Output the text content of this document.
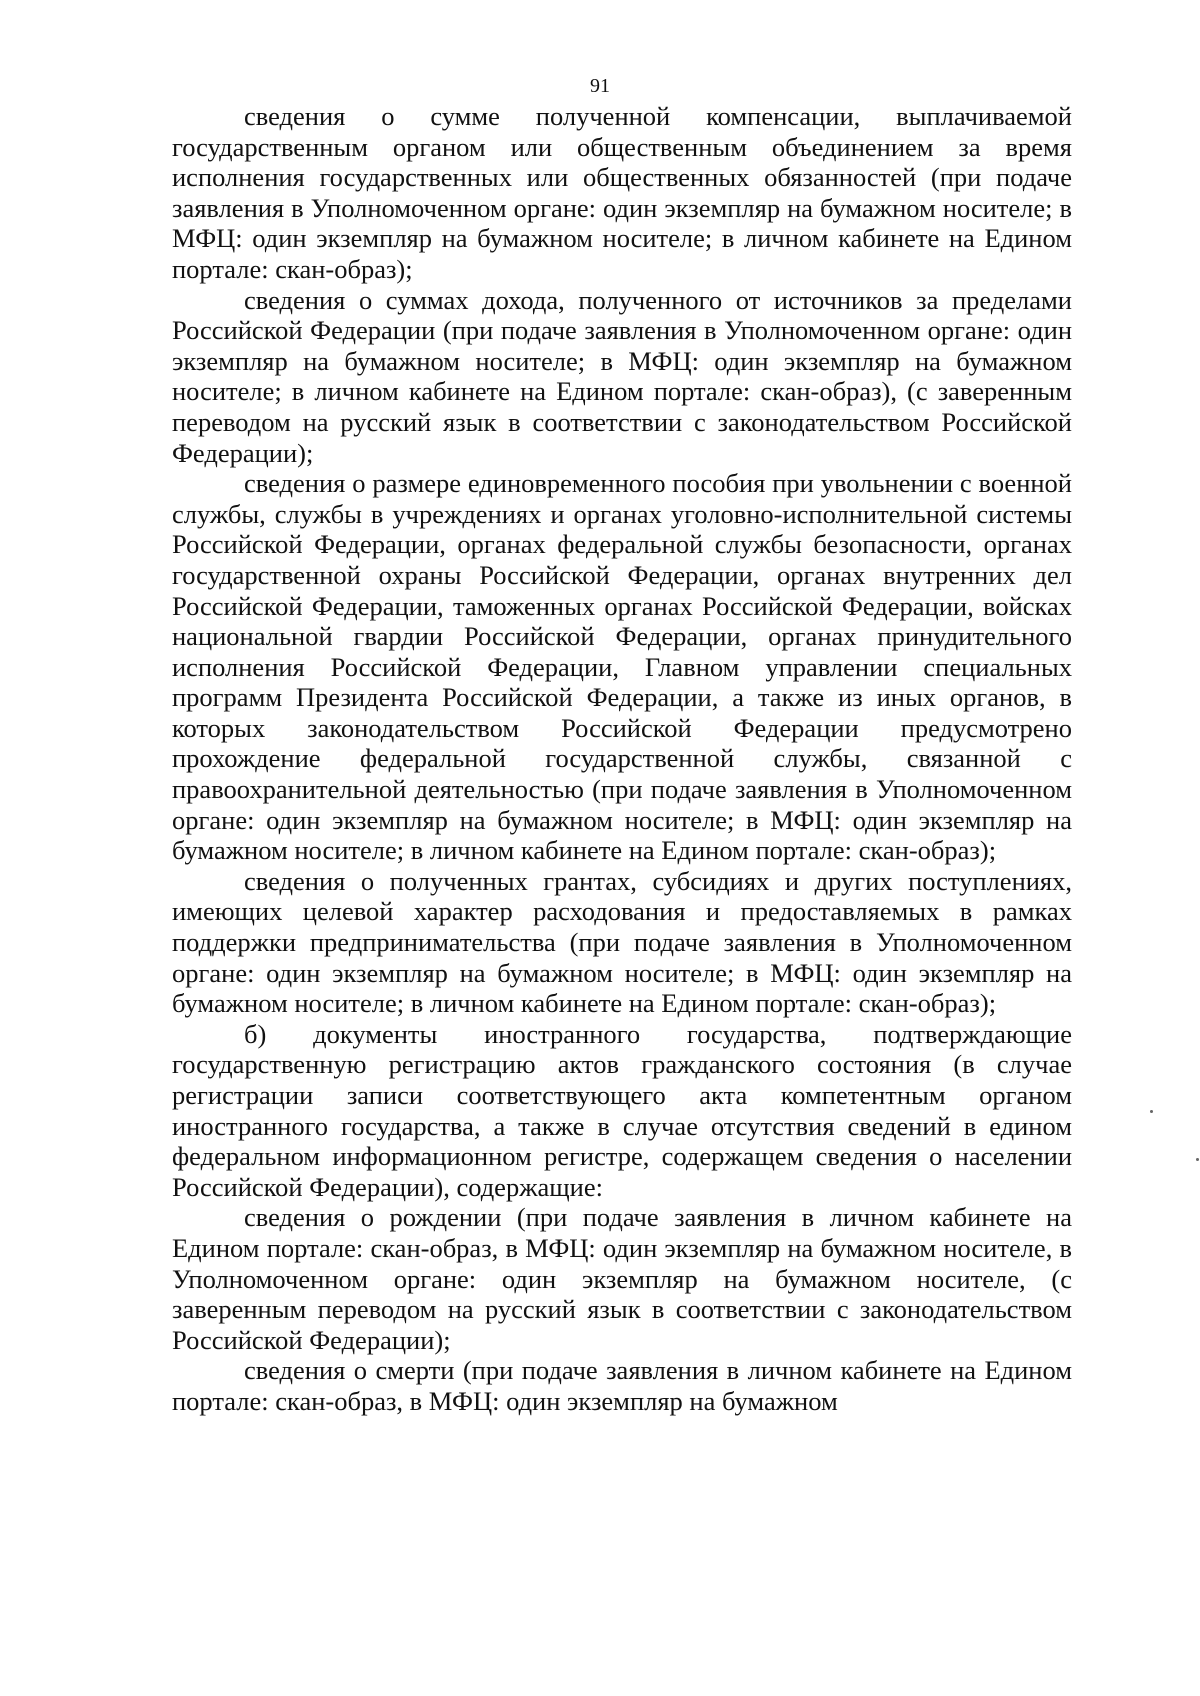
91

сведения о сумме полученной компенсации, выплачиваемой государственным органом или общественным объединением за время исполнения государственных или общественных обязанностей (при подаче заявления в Уполномоченном органе: один экземпляр на бумажном носителе; в МФЦ: один экземпляр на бумажном носителе; в личном кабинете на Едином портале: скан-образ);

сведения о суммах дохода, полученного от источников за пределами Российской Федерации (при подаче заявления в Уполномоченном органе: один экземпляр на бумажном носителе; в МФЦ: один экземпляр на бумажном носителе; в личном кабинете на Едином портале: скан-образ), (с заверенным переводом на русский язык в соответствии с законодательством Российской Федерации);

сведения о размере единовременного пособия при увольнении с военной службы, службы в учреждениях и органах уголовно-исполнительной системы Российской Федерации, органах федеральной службы безопасности, органах государственной охраны Российской Федерации, органах внутренних дел Российской Федерации, таможенных органах Российской Федерации, войсках национальной гвардии Российской Федерации, органах принудительного исполнения Российской Федерации, Главном управлении специальных программ Президента Российской Федерации, а также из иных органов, в которых законодательством Российской Федерации предусмотрено прохождение федеральной государственной службы, связанной с правоохранительной деятельностью (при подаче заявления в Уполномоченном органе: один экземпляр на бумажном носителе; в МФЦ: один экземпляр на бумажном носителе; в личном кабинете на Едином портале: скан-образ);

сведения о полученных грантах, субсидиях и других поступлениях, имеющих целевой характер расходования и предоставляемых в рамках поддержки предпринимательства (при подаче заявления в Уполномоченном органе: один экземпляр на бумажном носителе; в МФЦ: один экземпляр на бумажном носителе; в личном кабинете на Едином портале: скан-образ);

б) документы иностранного государства, подтверждающие государственную регистрацию актов гражданского состояния (в случае регистрации записи соответствующего акта компетентным органом иностранного государства, а также в случае отсутствия сведений в едином федеральном информационном регистре, содержащем сведения о населении Российской Федерации), содержащие:

сведения о рождении (при подаче заявления в личном кабинете на Едином портале: скан-образ, в МФЦ: один экземпляр на бумажном носителе, в Уполномоченном органе: один экземпляр на бумажном носителе, (с заверенным переводом на русский язык в соответствии с законодательством Российской Федерации);

сведения о смерти (при подаче заявления в личном кабинете на Едином портале: скан-образ, в МФЦ: один экземпляр на бумажном
